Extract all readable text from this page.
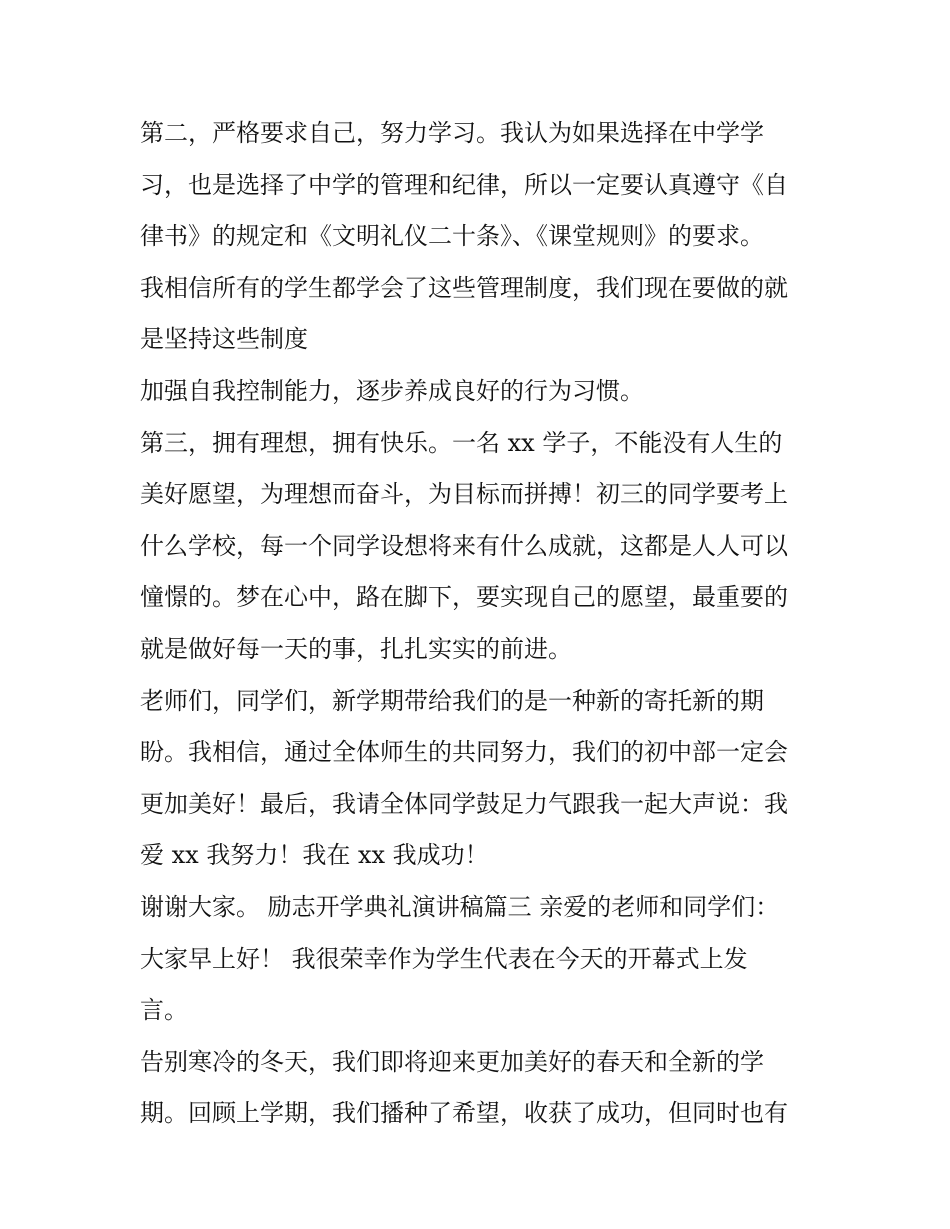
第二，严格要求自己，努力学习。我认为如果选择在中学学
习，也是选择了中学的管理和纪律，所以一定要认真遵守《自
律书》的规定和《文明礼仪二十条》、《课堂规则》的要求。
我相信所有的学生都学会了这些管理制度，我们现在要做的就
是坚持这些制度
加强自我控制能力，逐步养成良好的行为习惯。
第三，拥有理想，拥有快乐。一名 xx 学子，不能没有人生的
美好愿望，为理想而奋斗，为目标而拼搏！初三的同学要考上
什么学校，每一个同学设想将来有什么成就，这都是人人可以
憧憬的。梦在心中，路在脚下，要实现自己的愿望，最重要的
就是做好每一天的事，扎扎实实的前进。
老师们，同学们，新学期带给我们的是一种新的寄托新的期
盼。我相信，通过全体师生的共同努力，我们的初中部一定会
更加美好！最后，我请全体同学鼓足力气跟我一起大声说：我
爱 xx 我努力！我在 xx 我成功！
谢谢大家。 励志开学典礼演讲稿篇三 亲爱的老师和同学们：
大家早上好！ 我很荣幸作为学生代表在今天的开幕式上发
言。
告别寒冷的冬天，我们即将迎来更加美好的春天和全新的学
期。回顾上学期，我们播种了希望，收获了成功，但同时也有
